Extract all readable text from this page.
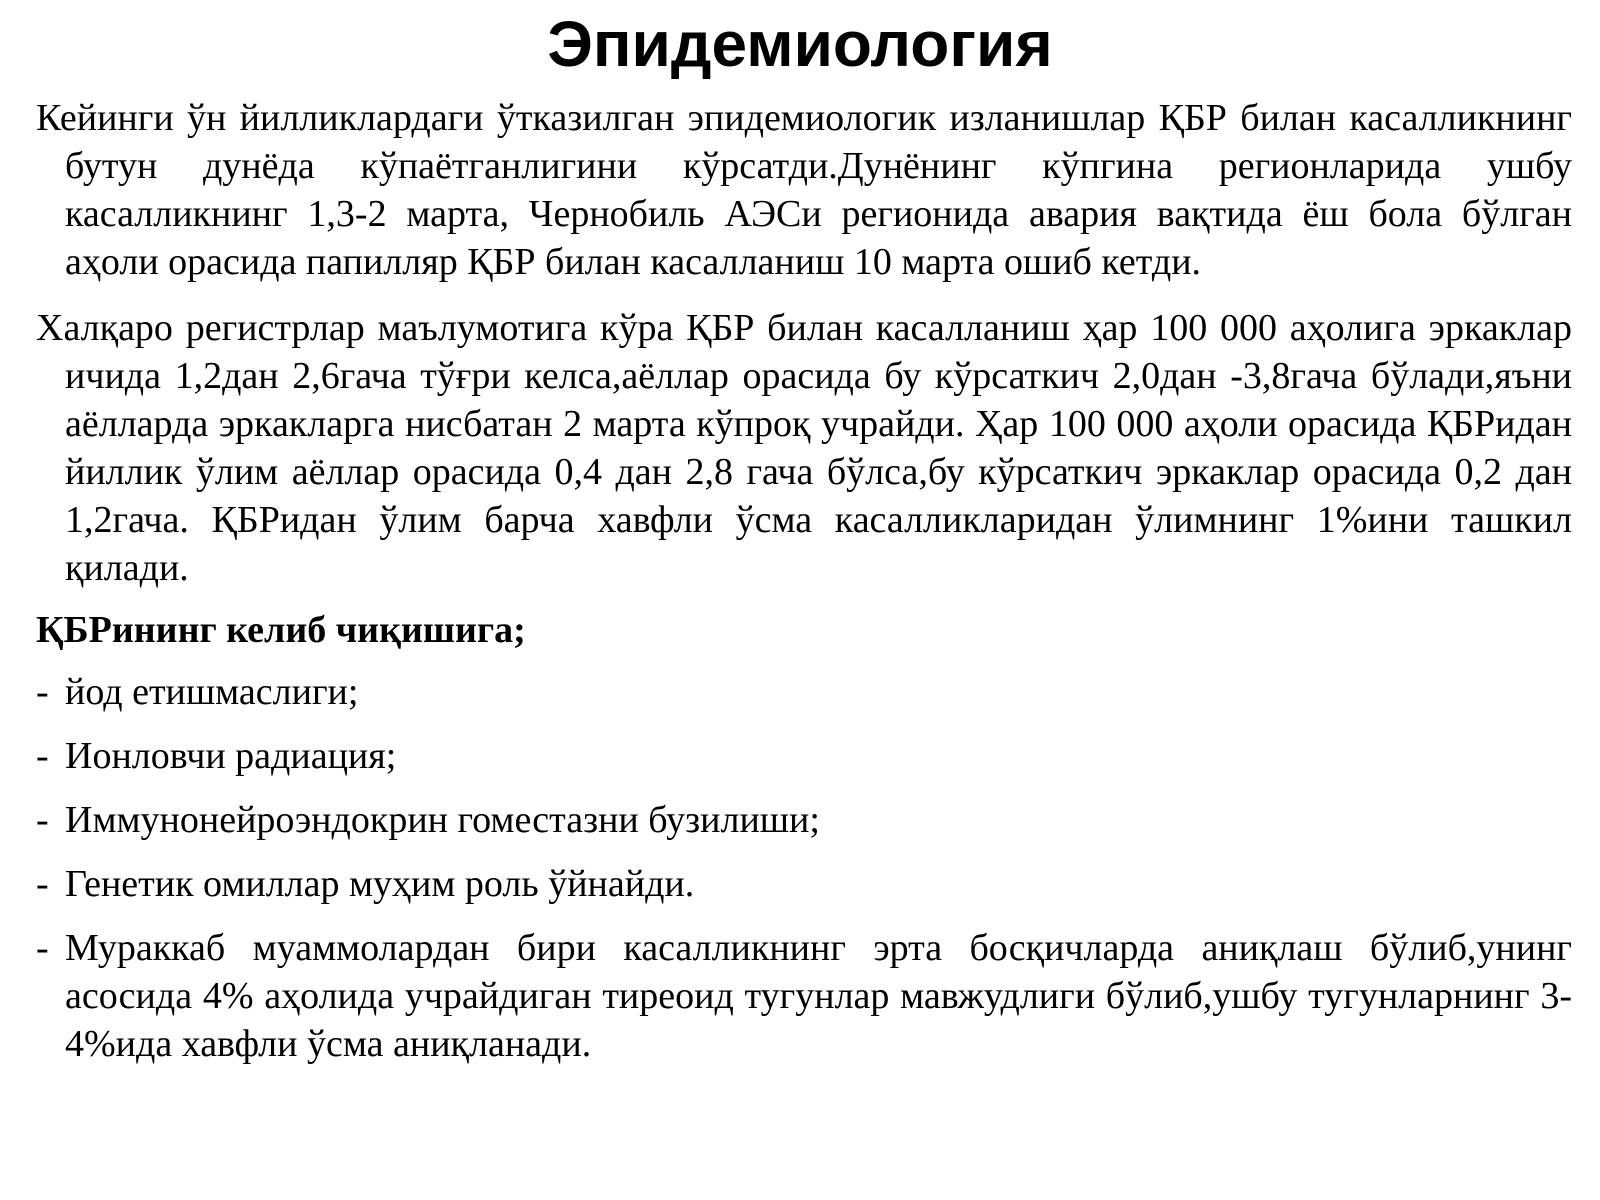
Эпидемиология

Кейинги ўн йилликлардаги ўтказилган эпидемиологик изланишлар ҚБР билан касалликнинг бутун дунёда кўпаётганлигини кўрсатди.Дунёнинг кўпгина регионларида ушбу касалликнинг 1,3-2 марта, Чернобиль АЭСи регионида авария вақтида ёш бола бўлган аҳоли орасида папилляр ҚБР билан касалланиш 10 марта ошиб кетди.

Халқаро регистрлар маълумотига кўра ҚБР билан касалланиш ҳар 100 000 аҳолига эркаклар ичида 1,2дан 2,6гача тўғри келса,аёллар орасида бу кўрсаткич 2,0дан -3,8гача бўлади,яъни аёлларда эркакларга нисбатан 2 марта кўпроқ учрайди. Ҳар 100 000 аҳоли орасида ҚБРидан йиллик ўлим аёллар орасида 0,4 дан 2,8 гача бўлса,бу кўрсаткич эркаклар орасида 0,2 дан 1,2гача. ҚБРидан ўлим барча хавфли ўсма касалликларидан ўлимнинг 1%ини ташкил қилади.

ҚБРининг келиб чиқишига;
- йод етишмаслиги;
- Ионловчи радиация;
- Иммунонейроэндокрин гоместазни бузилиши;
- Генетик омиллар муҳим роль ўйнайди.
- Мураккаб муаммолардан бири касалликнинг эрта босқичларда аниқлаш бўлиб,унинг асосида 4% аҳолида учрайдиган тиреоид тугунлар мавжудлиги бўлиб,ушбу тугунларнинг 3-4%ида хавфли ўсма аниқланади.
